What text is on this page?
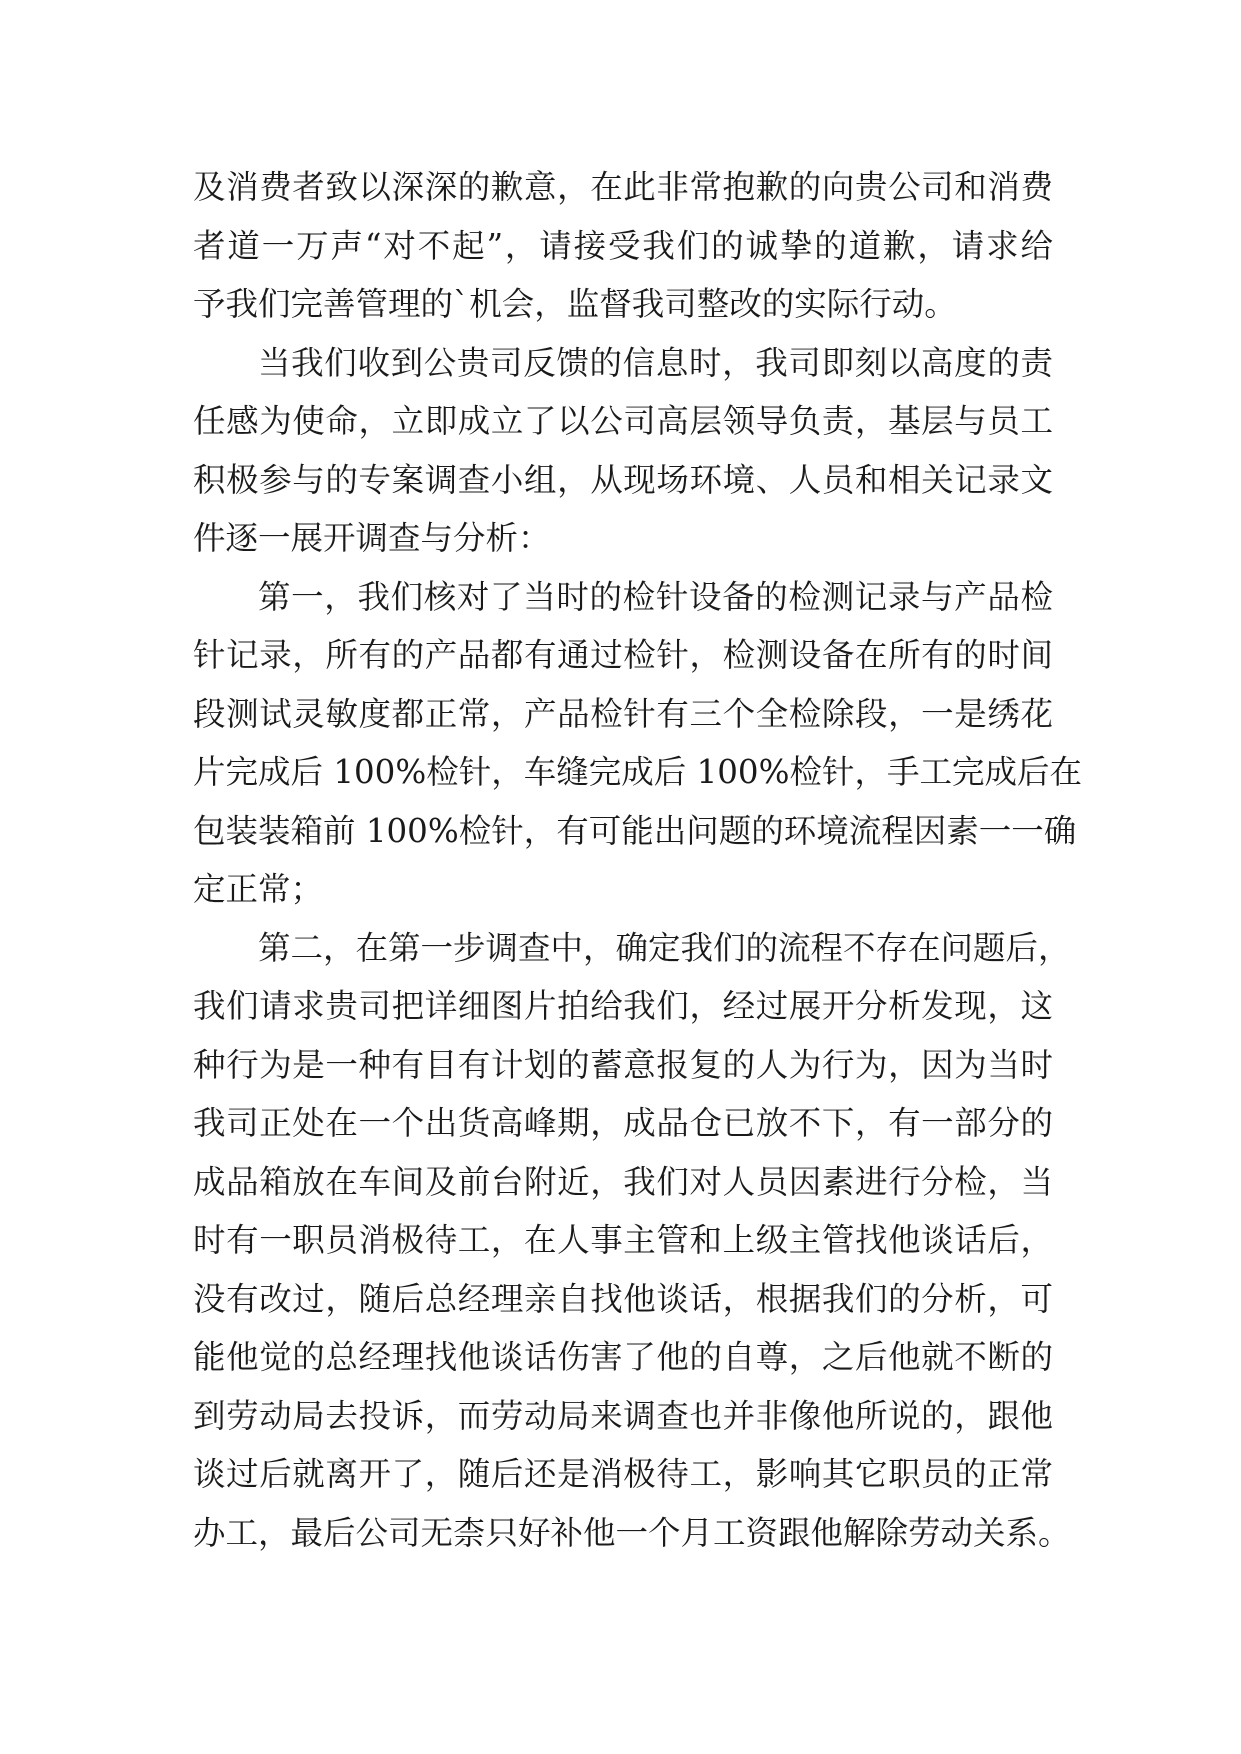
及消费者致以深深的歉意，在此非常抱歉的向贵公司和消费
者道一万声“对不起”，请接受我们的诚挚的道歉，请求给
予我们完善管理的`机会，监督我司整改的实际行动。
当我们收到公贵司反馈的信息时，我司即刻以高度的责
任感为使命，立即成立了以公司高层领导负责，基层与员工
积极参与的专案调查小组，从现场环境、人员和相关记录文
件逐一展开调查与分析：
第一，我们核对了当时的检针设备的检测记录与产品检
针记录，所有的产品都有通过检针，检测设备在所有的时间
段测试灵敏度都正常，产品检针有三个全检除段，一是绣花
片完成后 100%检针，车缝完成后 100%检针，手工完成后在
包装装箱前 100%检针，有可能出问题的环境流程因素一一确
定正常；
第二，在第一步调查中，确定我们的流程不存在问题后，
我们请求贵司把详细图片拍给我们，经过展开分析发现，这
种行为是一种有目有计划的蓄意报复的人为行为，因为当时
我司正处在一个出货高峰期，成品仓已放不下，有一部分的
成品箱放在车间及前台附近，我们对人员因素进行分检，当
时有一职员消极待工，在人事主管和上级主管找他谈话后，
没有改过，随后总经理亲自找他谈话，根据我们的分析，可
能他觉的总经理找他谈话伤害了他的自尊，之后他就不断的
到劳动局去投诉，而劳动局来调查也并非像他所说的，跟他
谈过后就离开了，随后还是消极待工，影响其它职员的正常
办工，最后公司无柰只好补他一个月工资跟他解除劳动关系。
